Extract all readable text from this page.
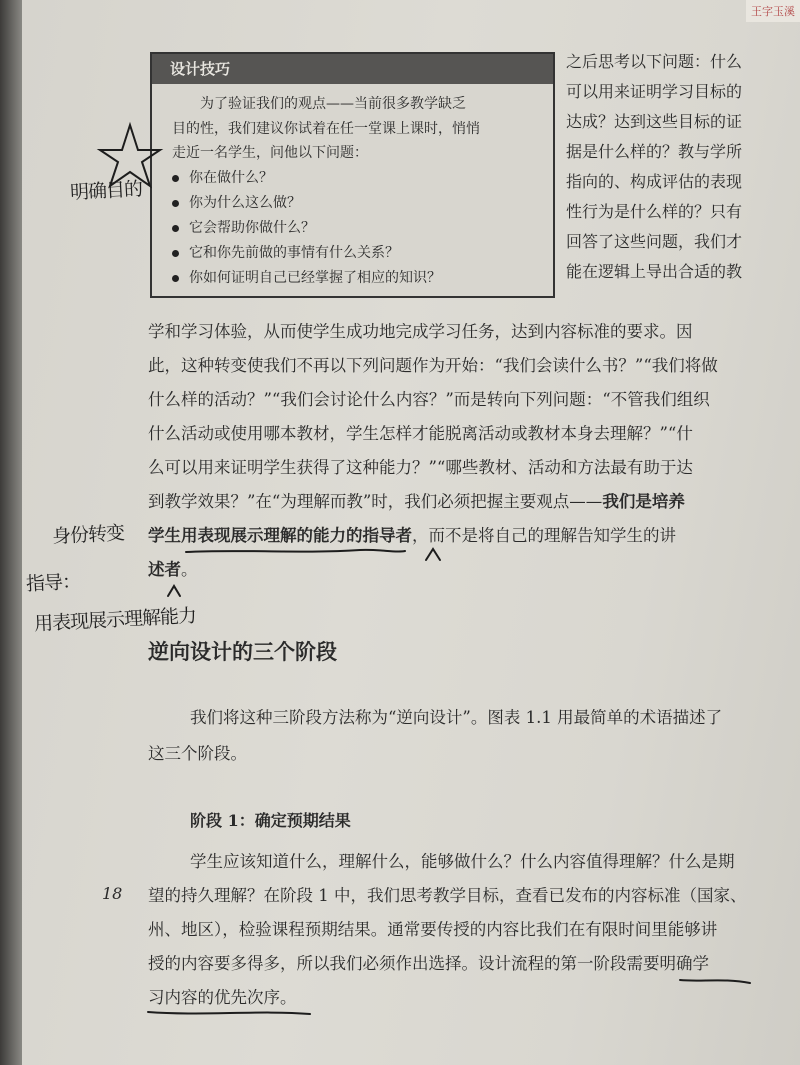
王字玉溪
设计技巧
为了验证我们的观点——当前很多教学缺乏
目的性，我们建议你试着在任一堂课上课时，悄悄
走近一名学生，问他以下问题：
你在做什么？
你为什么这么做？
它会帮助你做什么？
它和你先前做的事情有什么关系？
你如何证明自己已经掌握了相应的知识？
之后思考以下问题：什么
可以用来证明学习目标的
达成？达到这些目标的证
据是什么样的？教与学所
指向的、构成评估的表现
性行为是什么样的？只有
回答了这些问题，我们才
能在逻辑上导出合适的教
学和学习体验，从而使学生成功地完成学习任务，达到内容标准的要求。因
此，这种转变使我们不再以下列问题作为开始：“我们会读什么书？”“我们将做
什么样的活动？”“我们会讨论什么内容？”而是转向下列问题：“不管我们组织
什么活动或使用哪本教材，学生怎样才能脱离活动或教材本身去理解？”“什
么可以用来证明学生获得了这种能力？”“哪些教材、活动和方法最有助于达
到教学效果？”在“为理解而教”时，我们必须把握主要观点——我们是培养
学生用表现展示理解的能力的指导者，而不是将自己的理解告知学生的讲
述者。
逆向设计的三个阶段
我们将这种三阶段方法称为“逆向设计”。图表 1.1 用最简单的术语描述了
这三个阶段。
阶段 1：确定预期结果
学生应该知道什么，理解什么，能够做什么？什么内容值得理解？什么是期
望的持久理解？在阶段 1 中，我们思考教学目标，查看已发布的内容标准（国家、
州、地区），检验课程预期结果。通常要传授的内容比我们在有限时间里能够讲
授的内容要多得多，所以我们必须作出选择。设计流程的第一阶段需要明确学
习内容的优先次序。
18
明确目的
身份转变
指导：
用表现展示理解能力
